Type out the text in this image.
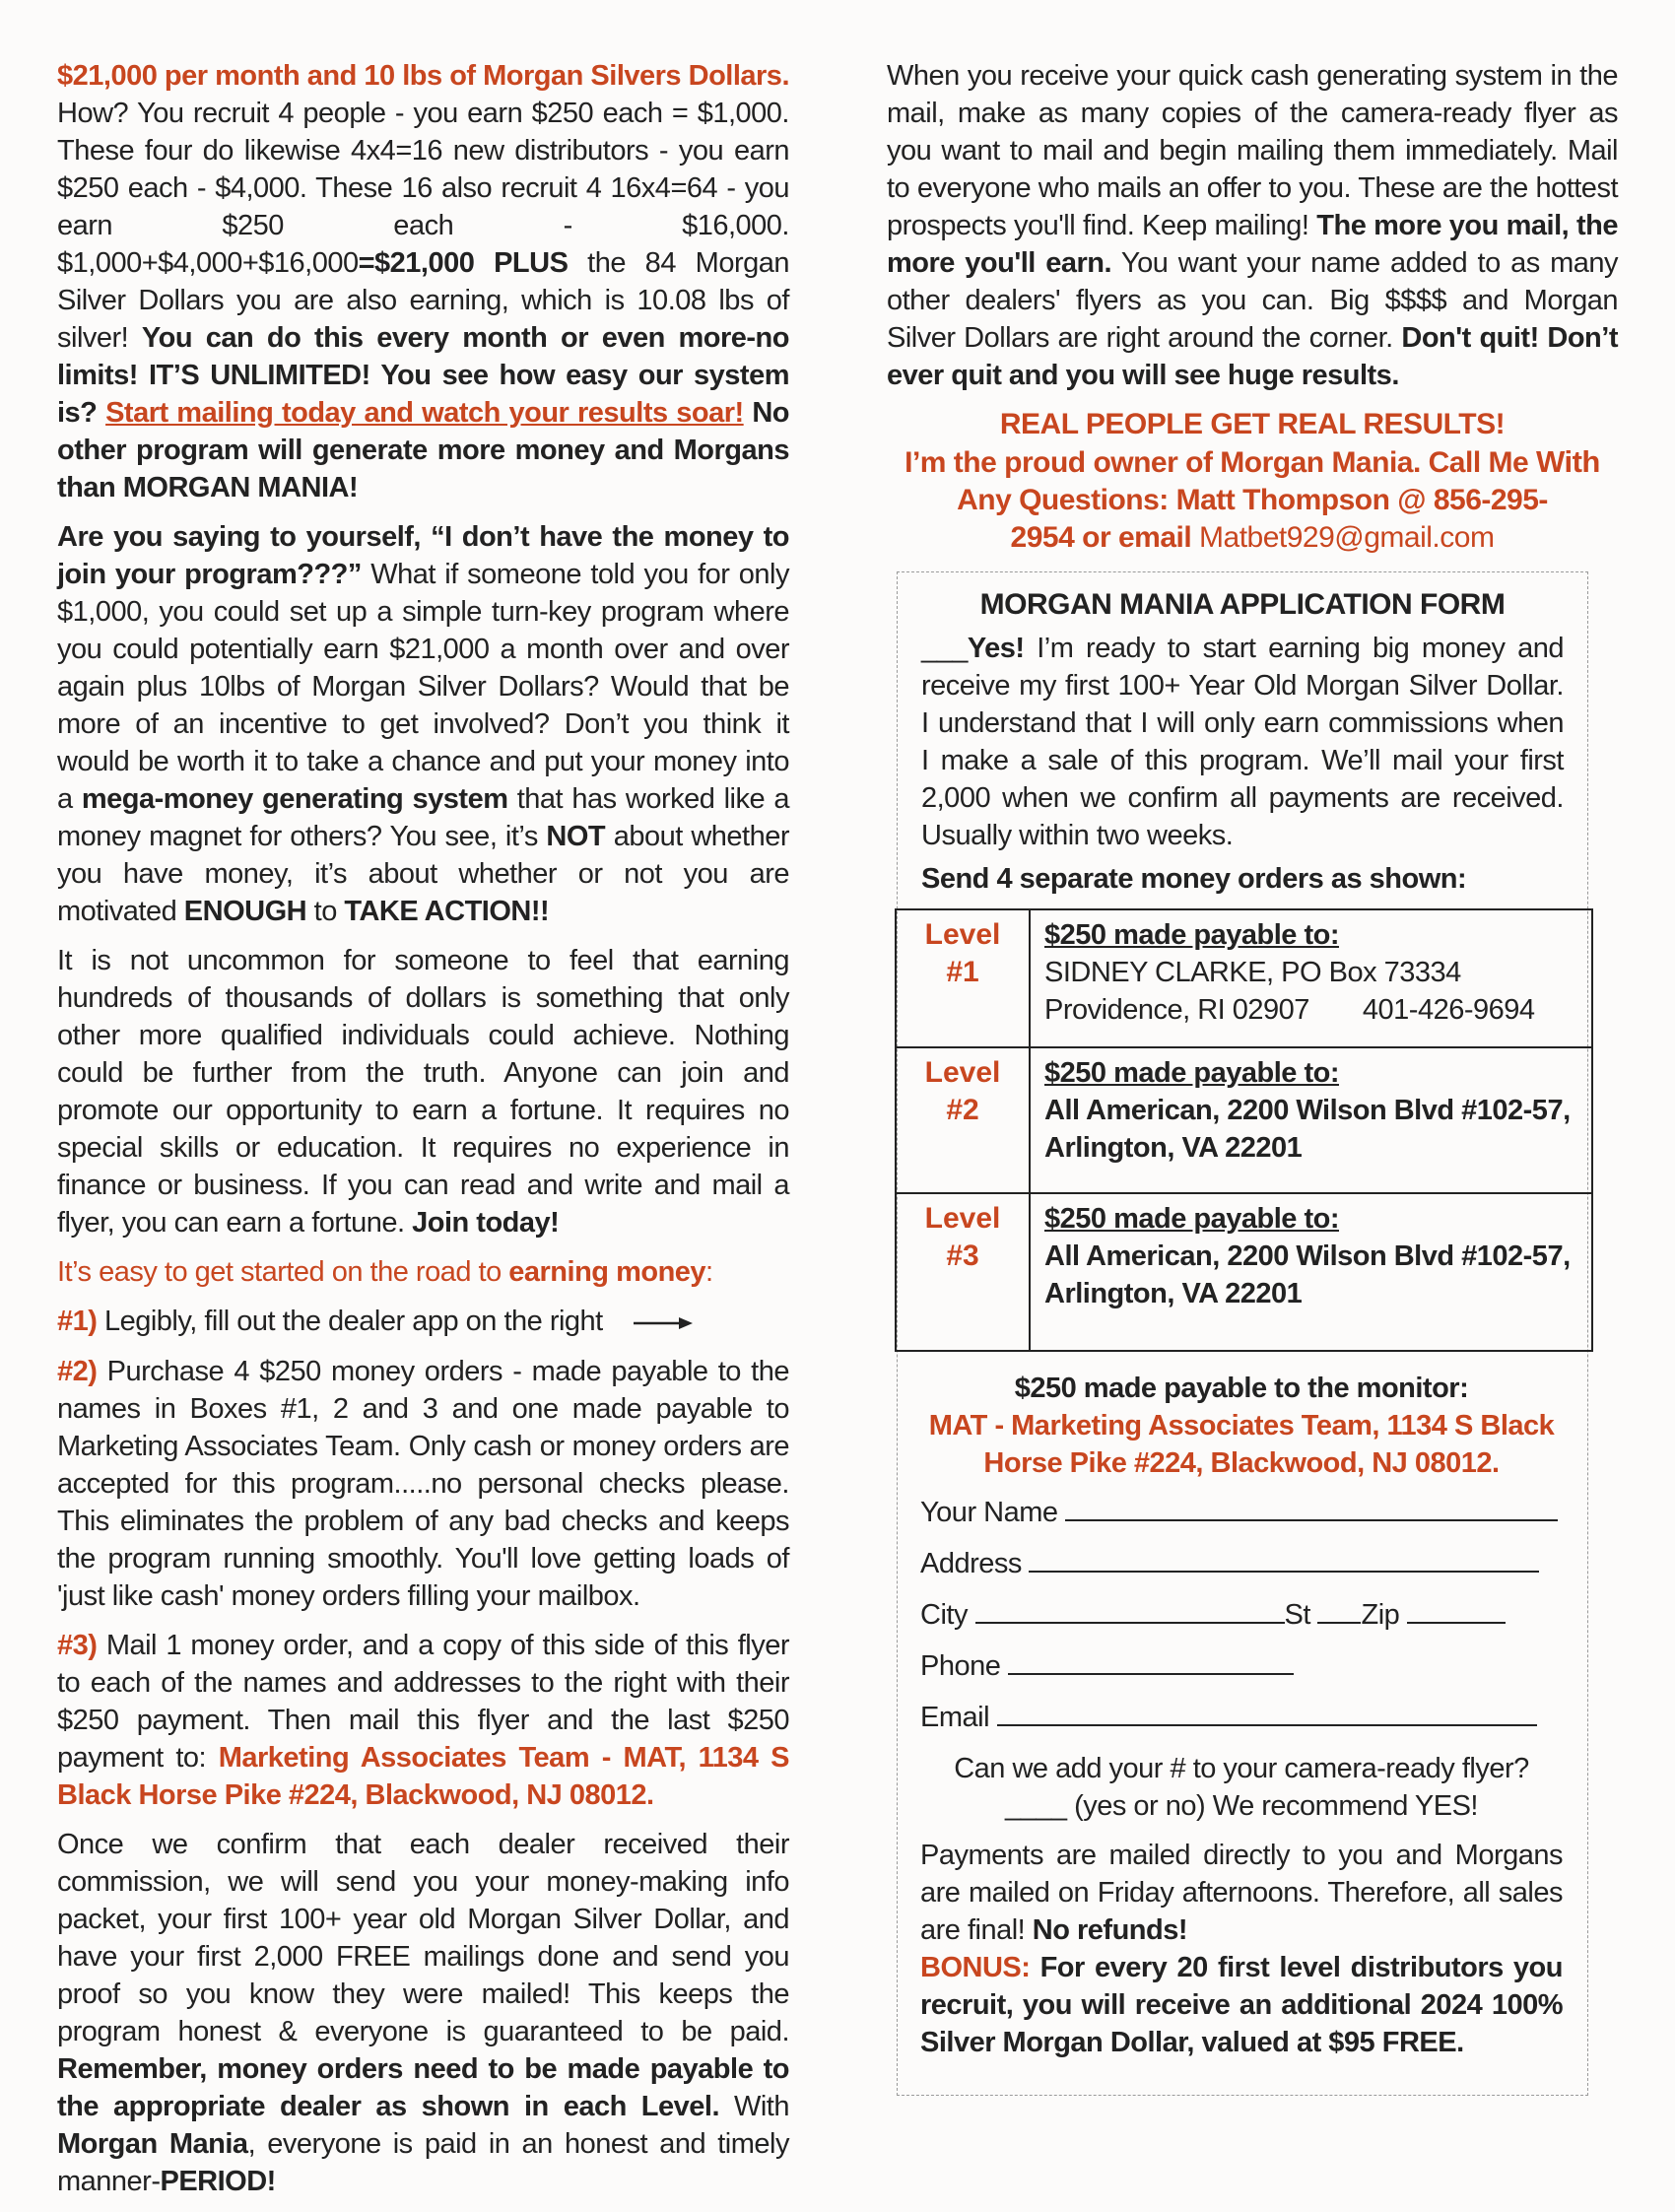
$21,000 per month and 10 lbs of Morgan Silvers Dollars. How? You recruit 4 people - you earn $250 each = $1,000. These four do likewise 4x4=16 new distributors - you earn $250 each - $4,000. These 16 also recruit 4 16x4=64 - you earn $250 each - $16,000. $1,000+$4,000+$16,000=$21,000 PLUS the 84 Morgan Silver Dollars you are also earning, which is 10.08 lbs of silver! You can do this every month or even more-no limits! IT’S UNLIMITED! You see how easy our system is? Start mailing today and watch your results soar! No other program will generate more money and Morgans than MORGAN MANIA!

Are you saying to yourself, “I don’t have the money to join your program???” What if someone told you for only $1,000, you could set up a simple turn-key program where you could potentially earn $21,000 a month over and over again plus 10lbs of Morgan Silver Dollars? Would that be more of an incentive to get involved? Don’t you think it would be worth it to take a chance and put your money into a mega-money generating system that has worked like a money magnet for others? You see, it’s NOT about whether you have money, it’s about whether or not you are motivated ENOUGH to TAKE ACTION!!

It is not uncommon for someone to feel that earning hundreds of thousands of dollars is something that only other more qualified individuals could achieve. Nothing could be further from the truth. Anyone can join and promote our opportunity to earn a fortune. It requires no special skills or education. It requires no experience in finance or business. If you can read and write and mail a flyer, you can earn a fortune. Join today!

It’s easy to get started on the road to earning money:

#1) Legibly, fill out the dealer app on the right

#2) Purchase 4 $250 money orders - made payable to the names in Boxes #1, 2 and 3 and one made payable to Marketing Associates Team. Only cash or money orders are accepted for this program.....no personal checks please. This eliminates the problem of any bad checks and keeps the program running smoothly. You'll love getting loads of 'just like cash' money orders filling your mailbox.

#3) Mail 1 money order, and a copy of this side of this flyer to each of the names and addresses to the right with their $250 payment. Then mail this flyer and the last $250 payment to: Marketing Associates Team - MAT, 1134 S Black Horse Pike #224, Blackwood, NJ 08012.

Once we confirm that each dealer received their commission, we will send you your money-making info packet, your first 100+ year old Morgan Silver Dollar, and have your first 2,000 FREE mailings done and send you proof so you know they were mailed! This keeps the program honest & everyone is guaranteed to be paid. Remember, money orders need to be made payable to the appropriate dealer as shown in each Level. With Morgan Mania, everyone is paid in an honest and timely manner-PERIOD!

When you receive your quick cash generating system in the mail, make as many copies of the camera-ready flyer as you want to mail and begin mailing them immediately. Mail to everyone who mails an offer to you. These are the hottest prospects you'll find. Keep mailing! The more you mail, the more you'll earn. You want your name added to as many other dealers' flyers as you can. Big $$$$ and Morgan Silver Dollars are right around the corner. Don't quit! Don’t ever quit and you will see huge results.

REAL PEOPLE GET REAL RESULTS!
I’m the proud owner of Morgan Mania. Call Me With
Any Questions: Matt Thompson @ 856-295-
2954 or email Matbet929@gmail.com
MORGAN MANIA APPLICATION FORM

___Yes! I’m ready to start earning big money and receive my first 100+ Year Old Morgan Silver Dollar. I understand that I will only earn commissions when I make a sale of this program. We’ll mail your first 2,000 when we confirm all payments are received. Usually within two weeks.

Send 4 separate money orders as shown:
Level
#1
$250 made payable to:
SIDNEY CLARKE, PO Box 73334
Providence, RI 02907 401-426-9694
Level
#2
$250 made payable to:
All American, 2200 Wilson Blvd #102-57,
Arlington, VA 22201
Level
#3
$250 made payable to:
All American, 2200 Wilson Blvd #102-57,
Arlington, VA 22201
$250 made payable to the monitor:
MAT - Marketing Associates Team, 1134 S Black Horse Pike #224, Blackwood, NJ 08012.
Your Name
Address
City	St Zip
Phone
Email

Can we add your # to your camera-ready flyer? ____ (yes or no) We recommend YES!

Payments are mailed directly to you and Morgans are mailed on Friday afternoons. Therefore, all sales are final! No refunds!
BONUS: For every 20 first level distributors you recruit, you will receive an additional 2024 100% Silver Morgan Dollar, valued at $95 FREE.
